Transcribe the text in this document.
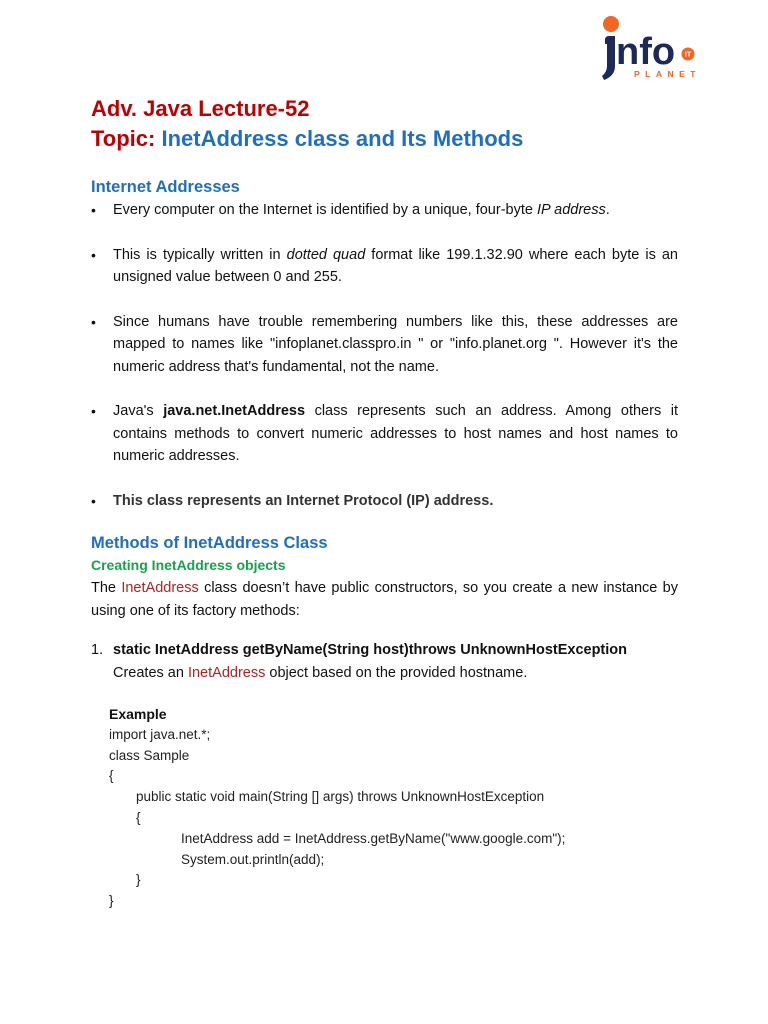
nfo IT
PLANET
Adv. Java Lecture-52
Topic: InetAddress class and Its Methods
Internet Addresses
• Every computer on the Internet is identified by a unique, four-byte IP address.
• This is typically written in dotted quad format like 199.1.32.90 where each byte is an unsigned value between 0 and 255.
• Since humans have trouble remembering numbers like this, these addresses are mapped to names like "infoplanet.classpro.in " or "info.planet.org ". However it's the numeric address that's fundamental, not the name.
• Java's java.net.InetAddress class represents such an address. Among others it contains methods to convert numeric addresses to host names and host names to numeric addresses.
• This class represents an Internet Protocol (IP) address.
Methods of InetAddress Class
Creating InetAddress objects

The InetAddress class doesn’t have public constructors, so you create a new instance by using one of its factory methods:

1. static InetAddress getByName(String host)throws UnknownHostException
Creates an InetAddress object based on the provided hostname.
Example
import java.net.*;
class Sample
{
public static void main(String [] args) throws UnknownHostException
{
InetAddress add = InetAddress.getByName("www.google.com");
System.out.println(add);
}
}
